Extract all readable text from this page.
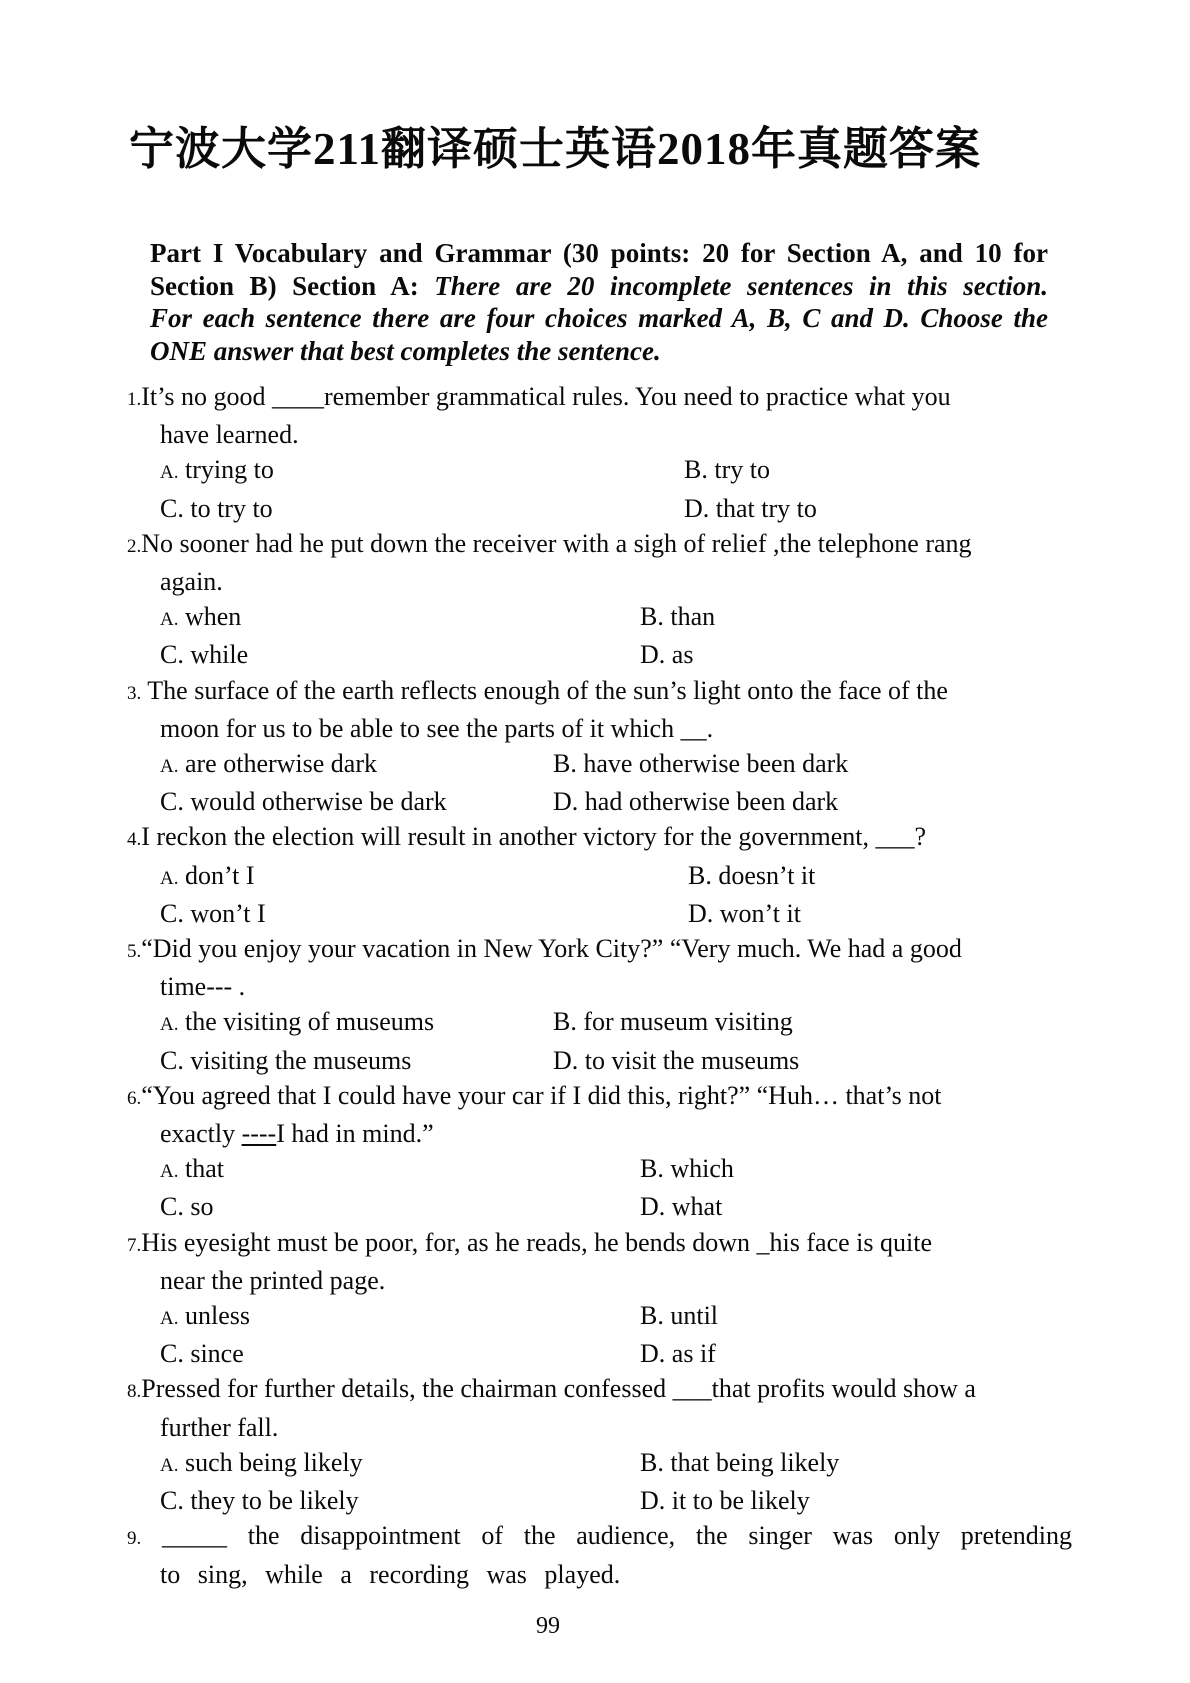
宁波大学211翻译硕士英语2018年真题答案
Part I Vocabulary and Grammar (30 points: 20 for Section A, and 10 for
Section B) Section A: There are 20 incomplete sentences in this section.
For each sentence there are four choices marked A, B, C and D. Choose the
ONE answer that best completes the sentence.
1.It’s no good ____remember grammatical rules. You need to practice what you
have learned.
A. trying to	B. try to
C. to try to	D. that try to
2.No sooner had he put down the receiver with a sigh of relief ,the telephone rang
again.
A. when	B. than
C. while	D. as
3. The surface of the earth reflects enough of the sun’s light onto the face of the
moon for us to be able to see the parts of it which __.
A. are otherwise dark	B. have otherwise been dark
C. would otherwise be dark	D. had otherwise been dark
4.I reckon the election will result in another victory for the government, ___?
A. don’t I	B. doesn’t it
C. won’t I	D. won’t it
5.“Did you enjoy your vacation in New York City?” “Very much. We had a good
time--- .
A. the visiting of museums	B. for museum visiting
C. visiting the museums	D. to visit the museums
6.“You agreed that I could have your car if I did this, right?” “Huh… that’s not
exactly ----I had in mind.”
A. that	B. which
C. so	D. what
7.His eyesight must be poor, for, as he reads, he bends down _his face is quite
near the printed page.
A. unless	B. until
C. since	D. as if
8.Pressed for further details, the chairman confessed ___that profits would show a
further fall.
A. such being likely	B. that being likely
C. they to be likely	D. it to be likely
9. _____ the disappointment of the audience, the singer was only pretending
to sing, while a recording was played.
99
